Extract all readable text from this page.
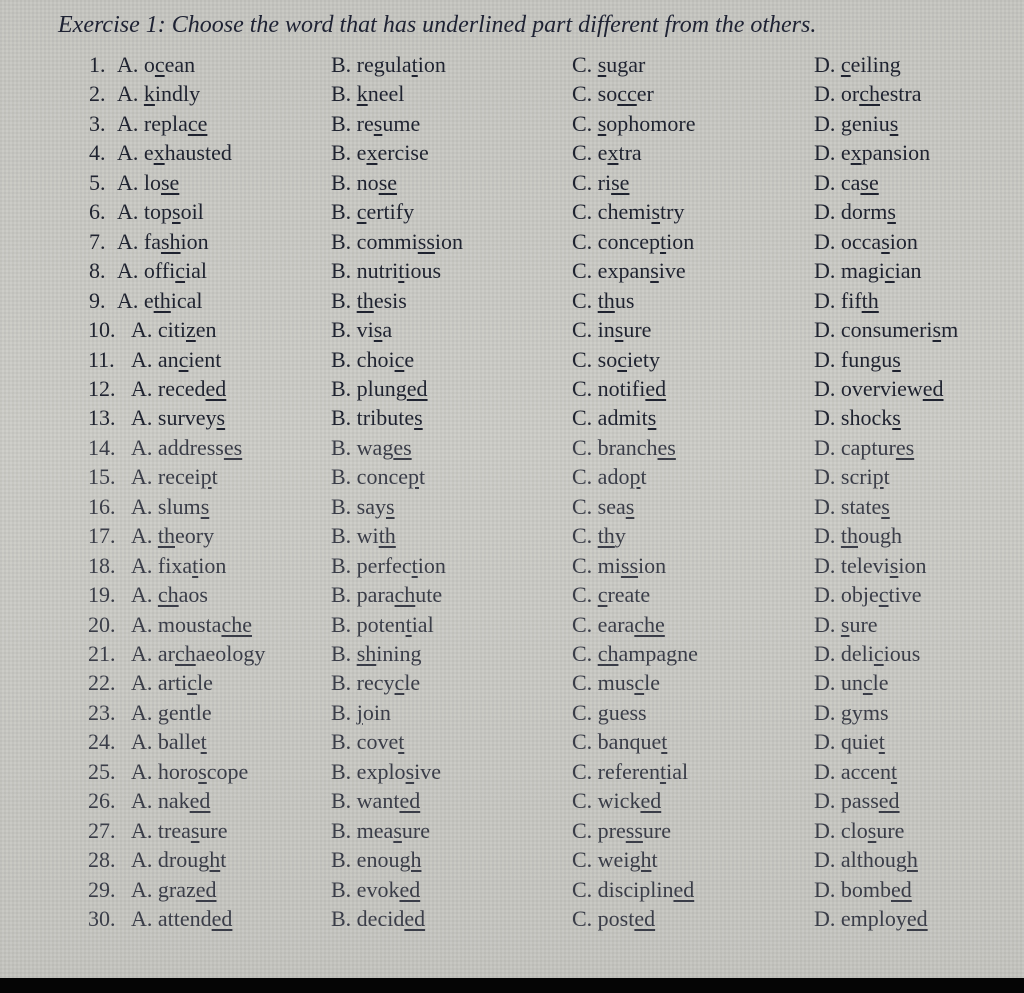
Exercise 1: Choose the word that has underlined part different from the others.
1. A. ocean	B. regulation	C. sugar	D. ceiling
2. A. kindly	B. kneel	C. soccer	D. orchestra
3. A. replace	B. resume	C. sophomore	D. genius
4. A. exhausted	B. exercise	C. extra	D. expansion
5. A. lose	B. nose	C. rise	D. case
6. A. topsoil	B. certify	C. chemistry	D. dorms
7. A. fashion	B. commission	C. conception	D. occasion
8. A. official	B. nutritious	C. expansive	D. magician
9. A. ethical	B. thesis	C. thus	D. fifth
10. A. citizen	B. visa	C. insure	D. consumerism
11. A. ancient	B. choice	C. society	D. fungus
12. A. receded	B. plunged	C. notified	D. overviewed
13. A. surveys	B. tributes	C. admits	D. shocks
14. A. addresses	B. wages	C. branches	D. captures
15. A. receipt	B. concept	C. adopt	D. script
16. A. slums	B. says	C. seas	D. states
17. A. theory	B. with	C. thy	D. though
18. A. fixation	B. perfection	C. mission	D. television
19. A. chaos	B. parachute	C. create	D. objective
20. A. moustache	B. potential	C. earache	D. sure
21. A. archaeology	B. shining	C. champagne	D. delicious
22. A. article	B. recycle	C. muscle	D. uncle
23. A. gentle	B. join	C. guess	D. gyms
24. A. ballet	B. covet	C. banquet	D. quiet
25. A. horoscope	B. explosive	C. referential	D. accent
26. A. naked	B. wanted	C. wicked	D. passed
27. A. treasure	B. measure	C. pressure	D. closure
28. A. drought	B. enough	C. weight	D. although
29. A. grazed	B. evoked	C. disciplined	D. bombed
30. A. attended	B. decided	C. posted	D. employed
